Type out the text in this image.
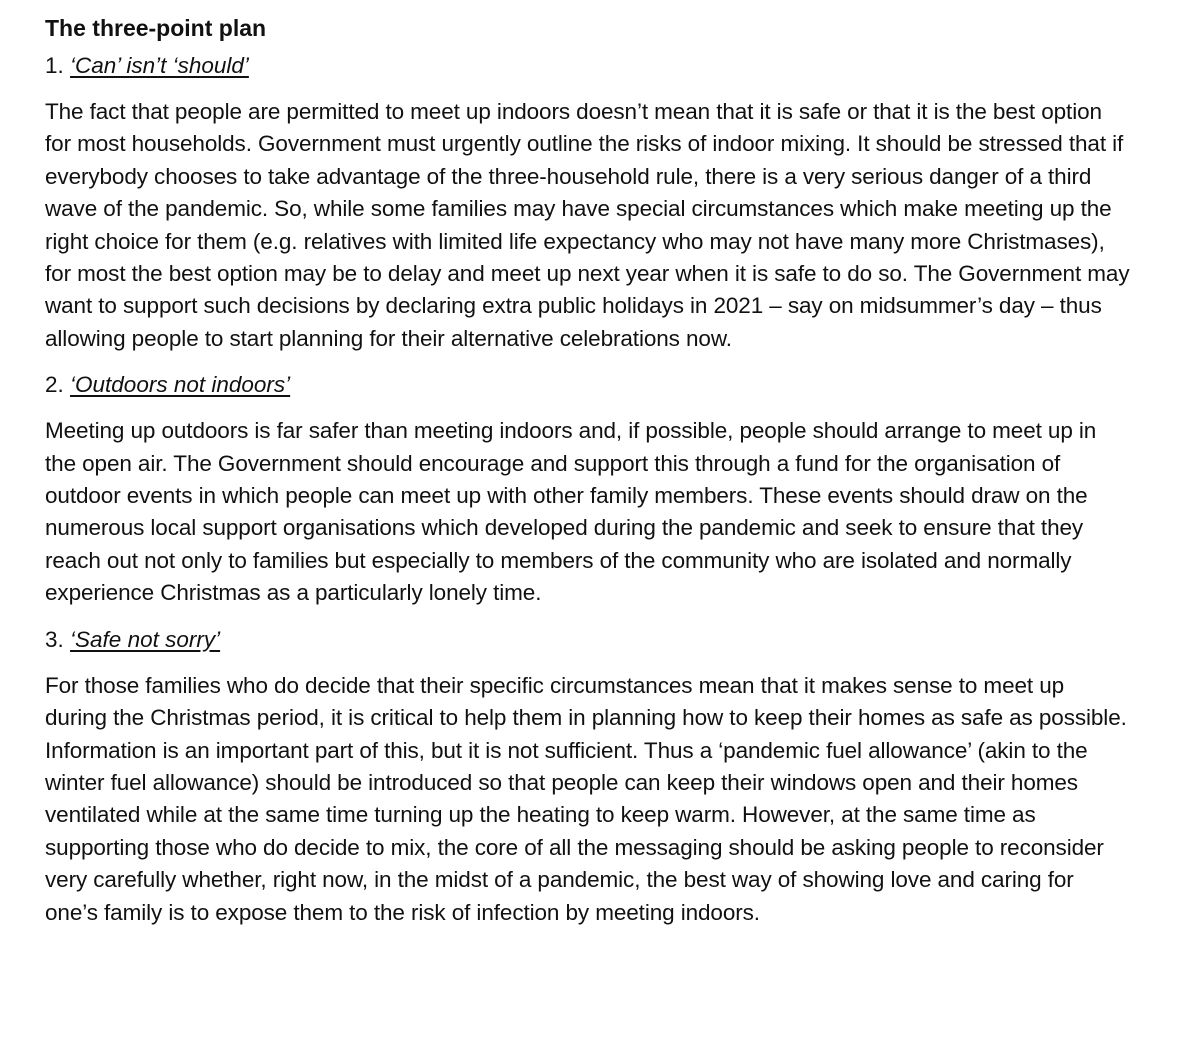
The three-point plan

1. ‘Can’ isn’t ‘should’

The fact that people are permitted to meet up indoors doesn’t mean that it is safe or that it is the best option for most households. Government must urgently outline the risks of indoor mixing. It should be stressed that if everybody chooses to take advantage of the three-household rule, there is a very serious danger of a third wave of the pandemic. So, while some families may have special circumstances which make meeting up the right choice for them (e.g. relatives with limited life expectancy who may not have many more Christmases), for most the best option may be to delay and meet up next year when it is safe to do so. The Government may want to support such decisions by declaring extra public holidays in 2021 – say on midsummer’s day – thus allowing people to start planning for their alternative celebrations now.

2. ‘Outdoors not indoors’

Meeting up outdoors is far safer than meeting indoors and, if possible, people should arrange to meet up in the open air. The Government should encourage and support this through a fund for the organisation of outdoor events in which people can meet up with other family members. These events should draw on the numerous local support organisations which developed during the pandemic and seek to ensure that they reach out not only to families but especially to members of the community who are isolated and normally experience Christmas as a particularly lonely time.

3. ‘Safe not sorry’

For those families who do decide that their specific circumstances mean that it makes sense to meet up during the Christmas period, it is critical to help them in planning how to keep their homes as safe as possible. Information is an important part of this, but it is not sufficient. Thus a ‘pandemic fuel allowance’ (akin to the winter fuel allowance) should be introduced so that people can keep their windows open and their homes ventilated while at the same time turning up the heating to keep warm. However, at the same time as supporting those who do decide to mix, the core of all the messaging should be asking people to reconsider very carefully whether, right now, in the midst of a pandemic, the best way of showing love and caring for one’s family is to expose them to the risk of infection by meeting indoors.
